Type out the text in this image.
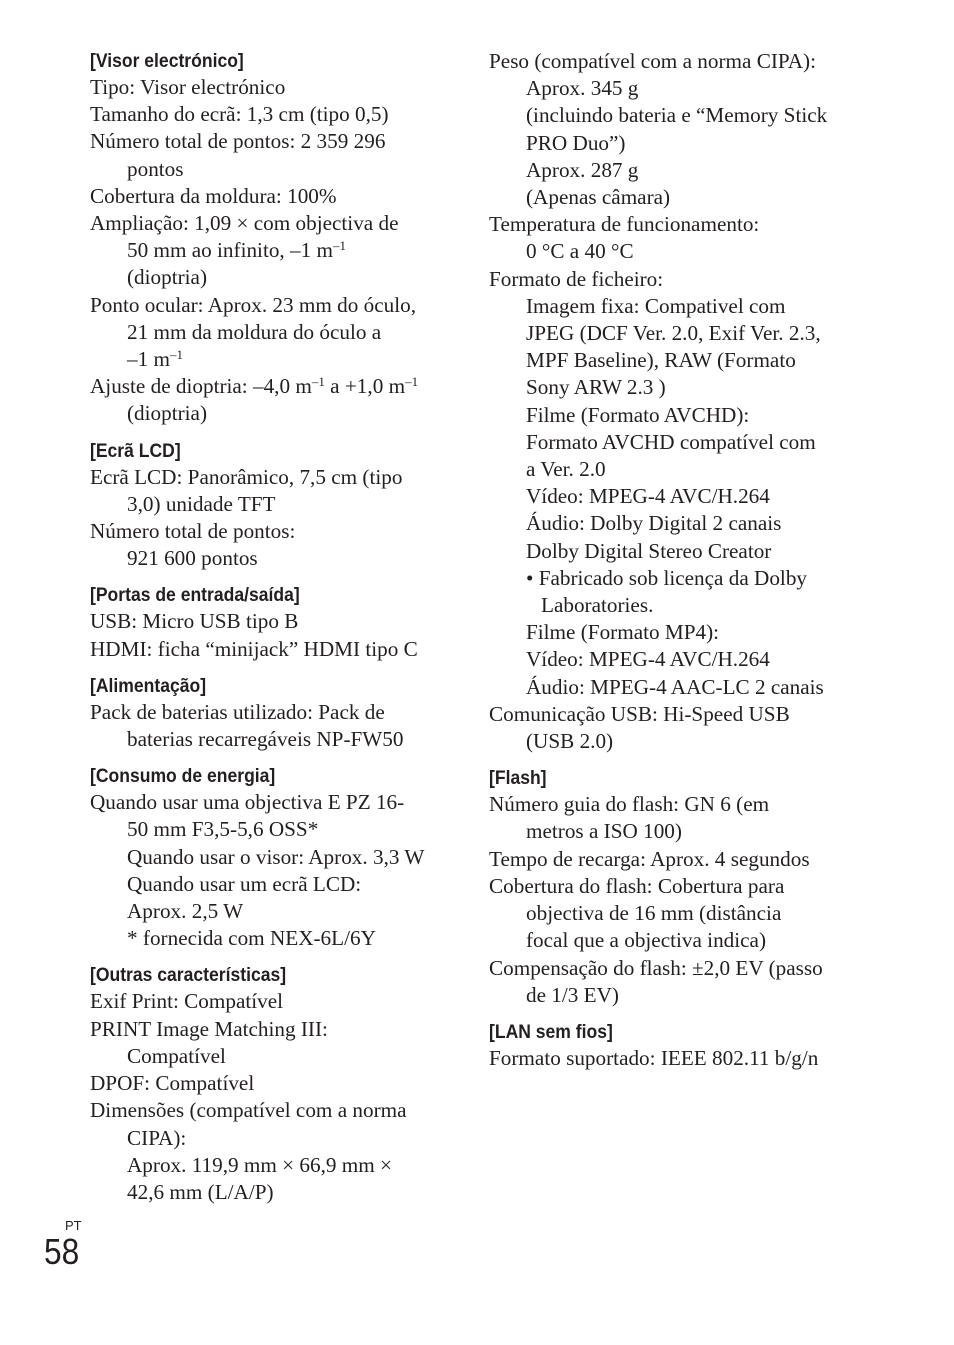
[Visor electrónico]
Tipo: Visor electrónico
Tamanho do ecrã: 1,3 cm (tipo 0,5)
Número total de pontos: 2 359 296
pontos
Cobertura da moldura: 100%
Ampliação: 1,09 × com objectiva de
50 mm ao infinito, –1 $m^{-1}$
(dioptria)
Ponto ocular: Aprox. 23 mm do óculo,
21 mm da moldura do óculo a
–1 $m^{-1}$
Ajuste de dioptria: –4,0 $m^{-1}$ a +1,0 $m^{-1}$
(dioptria)
[Ecrã LCD]
Ecrã LCD: Panorâmico, 7,5 cm (tipo
3,0) unidade TFT
Número total de pontos:
921 600 pontos
[Portas de entrada/saída]
USB: Micro USB tipo B
HDMI: ficha “minijack” HDMI tipo C
[Alimentação]
Pack de baterias utilizado: Pack de
baterias recarregáveis NP-FW50
[Consumo de energia]
Quando usar uma objectiva E PZ 16-
50 mm F3,5-5,6 OSS*
Quando usar o visor: Aprox. 3,3 W
Quando usar um ecrã LCD:
Aprox. 2,5 W
* fornecida com NEX-6L/6Y
[Outras características]
Exif Print: Compatível
PRINT Image Matching III:
Compatível
DPOF: Compatível
Dimensões (compatível com a norma
CIPA):
Aprox. 119,9 mm × 66,9 mm ×
42,6 mm (L/A/P)
Peso (compatível com a norma CIPA):
Aprox. 345 g
(incluindo bateria e “Memory Stick
PRO Duo”)
Aprox. 287 g
(Apenas câmara)
Temperatura de funcionamento:
0 °C a 40 °C
Formato de ficheiro:
Imagem fixa: Compativel com
JPEG (DCF Ver. 2.0, Exif Ver. 2.3,
MPF Baseline), RAW (Formato
Sony ARW 2.3 )
Filme (Formato AVCHD):
Formato AVCHD compatível com
a Ver. 2.0
Vídeo: MPEG-4 AVC/H.264
Áudio: Dolby Digital 2 canais
Dolby Digital Stereo Creator
• Fabricado sob licença da Dolby
Laboratories.
Filme (Formato MP4):
Vídeo: MPEG-4 AVC/H.264
Áudio: MPEG-4 AAC-LC 2 canais
Comunicação USB: Hi-Speed USB
(USB 2.0)
[Flash]
Número guia do flash: GN 6 (em
metros a ISO 100)
Tempo de recarga: Aprox. 4 segundos
Cobertura do flash: Cobertura para
objectiva de 16 mm (distância
focal que a objectiva indica)
Compensação do flash: ±2,0 EV (passo
de 1/3 EV)
[LAN sem fios]
Formato suportado: IEEE 802.11 b/g/n
PT
58
